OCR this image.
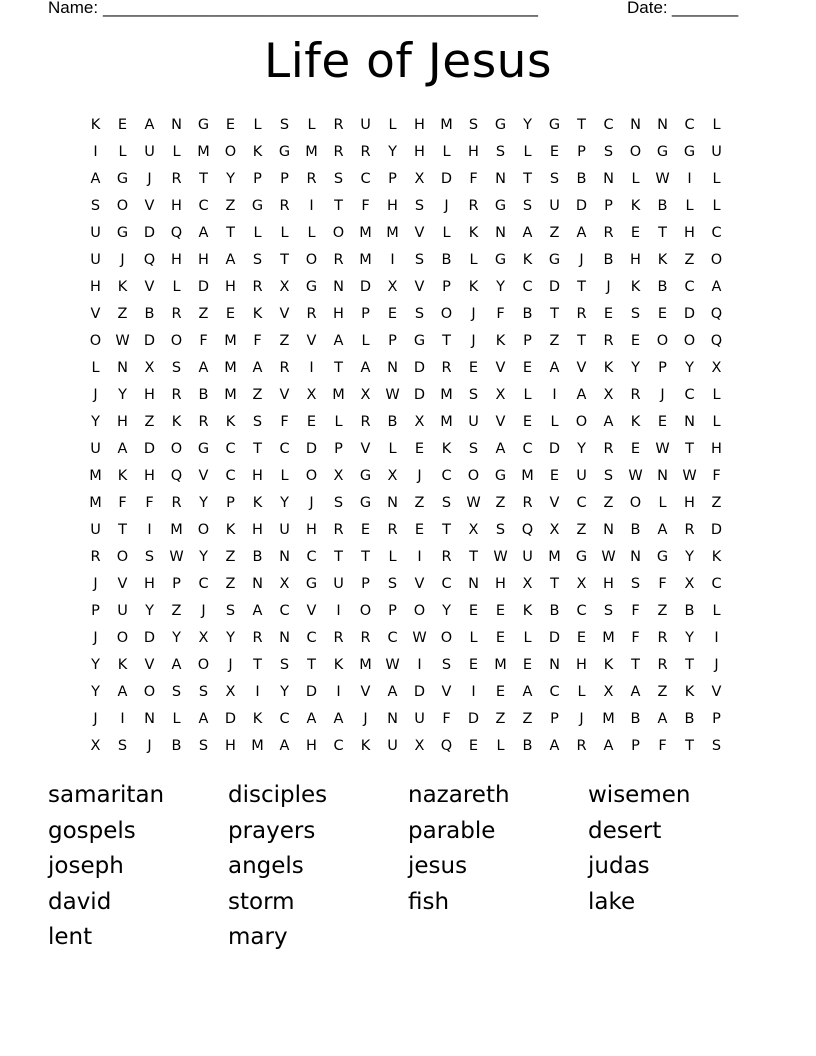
Name: ______________________________________________	Date: _______
Life of Jesus
K	E	A	N	G	E	L	S	L	R	U	L	H	M	S	G	Y	G	T	C	N	N	C	L
I	L	U	L	M	O	K	G	M	R	R	Y	H	L	H	S	L	E	P	S	O	G	G	U
A	G	J	R	T	Y	P	P	R	S	C	P	X	D	F	N	T	S	B	N	L	W	I	L
S	O	V	H	C	Z	G	R	I	T	F	H	S	J	R	G	S	U	D	P	K	B	L	L
U	G	D	Q	A	T	L	L	L	O	M M	V	L	K	N	A	Z	A	R	E	T	H	C
U	J	Q	H	H	A	S	T	O	R	M	I	S	B	L	G	K	G	J	B	H	K	Z	O
H	K	V	L	D	H	R	X	G	N	D	X	V	P	K	Y	C	D	T	J	K	B	C	A
V	Z	B	R	Z	E	K	V	R	H	P	E	S	O	J	F	B	T	R	E	S	E	D	Q
O W D	O	F	M	F	Z	V	A	L	P	G	T	J	K	P	Z	T	R	E	O	O	Q
L	N	X	S	A	M	A	R	I	T	A	N	D	R	E	V	E	A	V	K	Y	P	Y	X
J	Y	H	R	B	M	Z	V	X	M	X	W D	M	S	X	L	I	A	X	R	J	C	L
Y	H	Z	K	R	K	S	F	E	L	R	B	X	M	U	V	E	L	O	A	K	E	N	L
U	A	D	O	G	C	T	C	D	P	V	L	E	K	S	A	C	D	Y	R	E	W	T	H
M	K	H	Q	V	C	H	L	O	X	G	X	J	C	O	G	M	E	U	S	W N W	F
M	F	F	R	Y	P	K	Y	J	S	G	N	Z	S	W	Z	R	V	C	Z	O	L	H	Z
U	T	I	M	O	K	H	U	H	R	E	R	E	T	X	S	Q	X	Z	N	B	A	R	D
R	O	S	W	Y	Z	B	N	C	T	T	L	I	R	T	W	U	M	G W N	G	Y	K
J	V	H	P	C	Z	N	X	G	U	P	S	V	C	N	H	X	T	X	H	S	F	X	C
P	U	Y	Z	J	S	A	C	V	I	O	P	O	Y	E	E	K	B	C	S	F	Z	B	L
J	O	D	Y	X	Y	R	N	C	R	R	C	W O	L	E	L	D	E	M	F	R	Y	I
Y	K	V	A	O	J	T	S	T	K	M W	I	S	E	M	E	N	H	K	T	R	T	J
Y	A	O	S	S	X	I	Y	D	I	V	A	D	V	I	E	A	C	L	X	A	Z	K	V
J	I	N	L	A	D	K	C	A	A	J	N	U	F	D	Z	Z	P	J	M	B	A	B	P
X	S	J	B	S	H	M	A	H	C	K	U	X	Q	E	L	B	A	R	A	P	F	T	S
samaritan	disciples	nazareth	wisemen
gospels	prayers	parable	desert
joseph	angels	jesus	judas
david	storm	fish	lake
lent	mary
